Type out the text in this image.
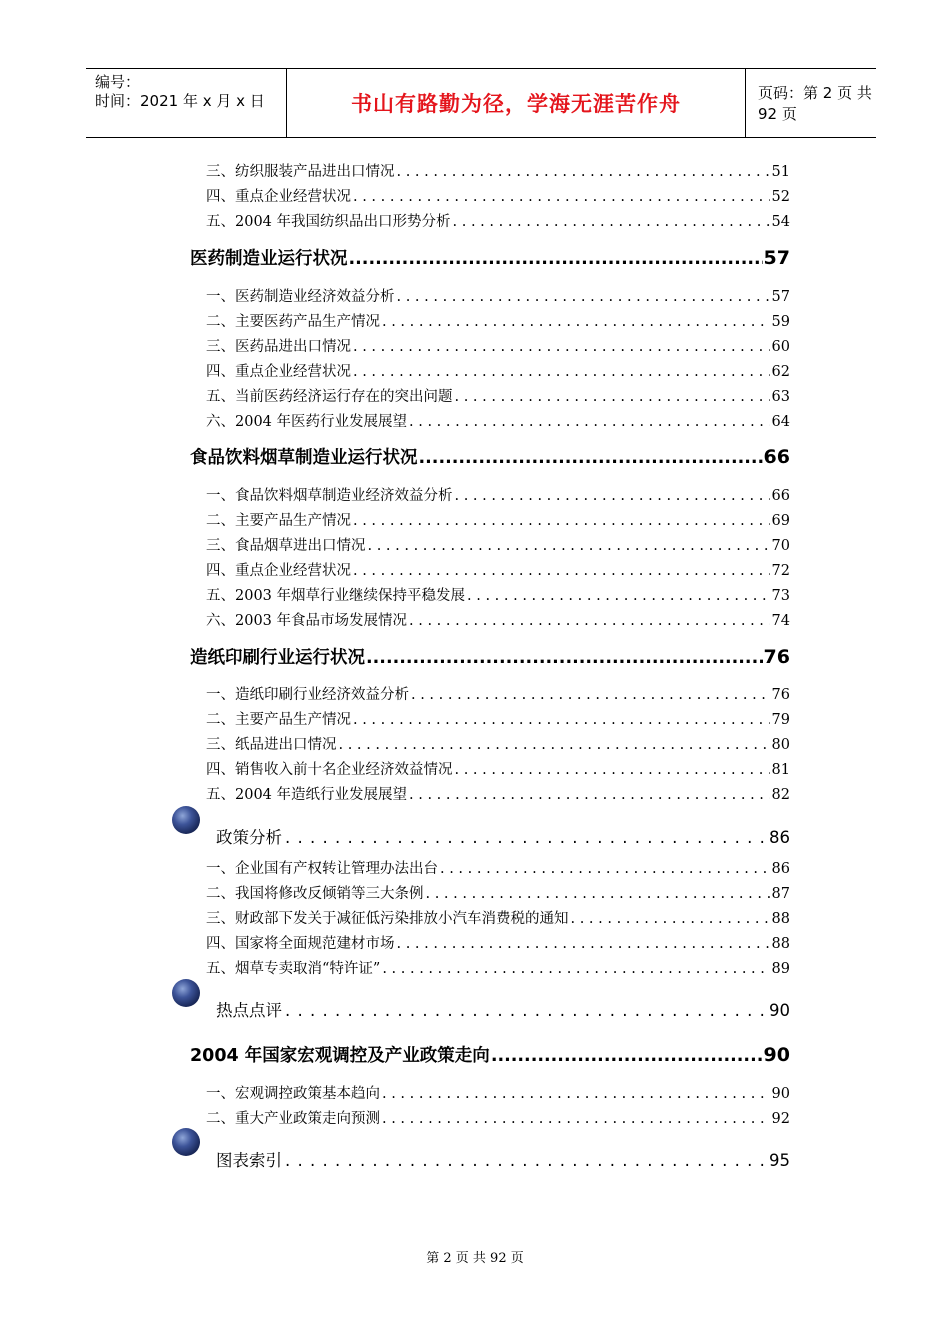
编号：
时间：2021 年 x 月 x 日	书山有路勤为径，学海无涯苦作舟	页码：第 2 页 共 92 页
三、纺织服装产品进出口情况 . . .	51
四、重点企业经营状况 . . .	52
五、2004 年我国纺织品出口形势分析 . . .	54
医药制造业运行状况 .....	57
一、医药制造业经济效益分析 . . .	57
二、主要医药产品生产情况 . . .	59
三、医药品进出口情况 . . .	60
四、重点企业经营状况 . . .	62
五、当前医药经济运行存在的突出问题 . . .	63
六、2004 年医药行业发展展望 . . .	64
食品饮料烟草制造业运行状况 .....	66
一、食品饮料烟草制造业经济效益分析 . . .	66
二、主要产品生产情况 . . .	69
三、食品烟草进出口情况 . . .	70
四、重点企业经营状况 . . .	72
五、2003 年烟草行业继续保持平稳发展 . . .	73
六、2003 年食品市场发展情况 . . .	74
造纸印刷行业运行状况 .....	76
一、造纸印刷行业经济效益分析 . . .	76
二、主要产品生产情况 . . .	79
三、纸品进出口情况 . . .	80
四、销售收入前十名企业经济效益情况 . . .	81
五、2004 年造纸行业发展展望 . . .	82
政策分析 . . .	86
一、企业国有产权转让管理办法出台 . . .	86
二、我国将修改反倾销等三大条例 . . .	87
三、财政部下发关于减征低污染排放小汽车消费税的通知 . . .	88
四、国家将全面规范建材市场 . . .	88
五、烟草专卖取消“特许证” . . .	89
热点点评 . . .	90
2004 年国家宏观调控及产业政策走向 .....	90
一、宏观调控政策基本趋向 . . .	90
二、重大产业政策走向预测 . . .	92
图表索引 . . .	95
第 2 页 共 92 页
